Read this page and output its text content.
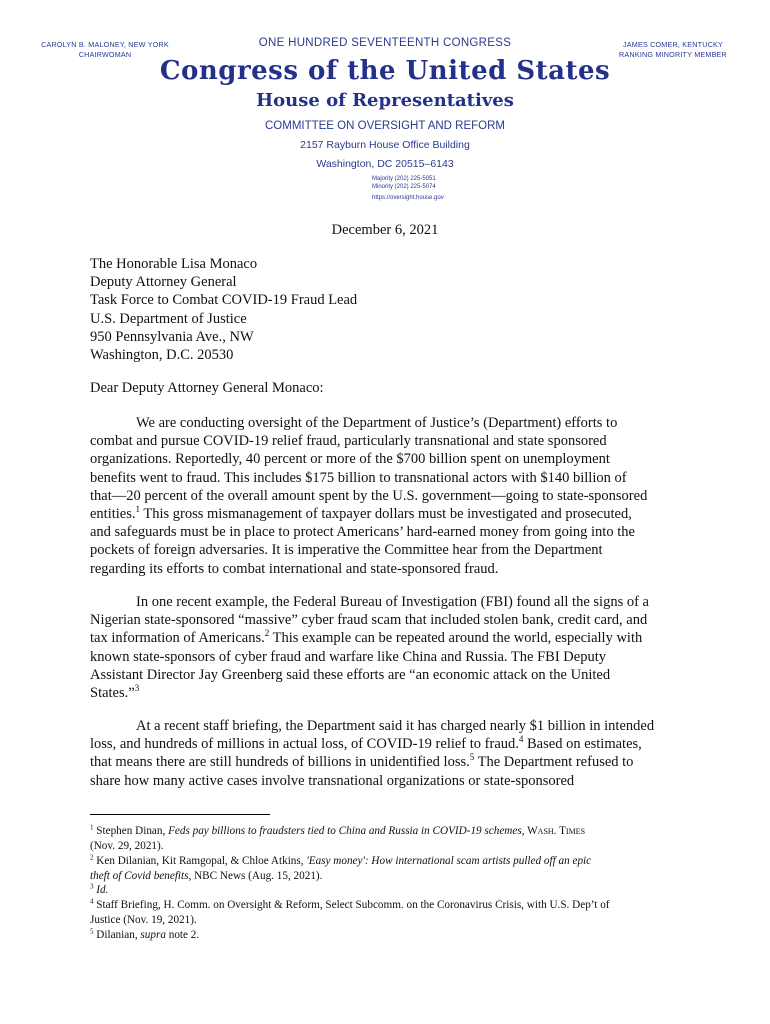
CAROLYN B. MALONEY, NEW YORK
CHAIRWOMAN
JAMES COMER, KENTUCKY
RANKING MINORITY MEMBER
ONE HUNDRED SEVENTEENTH CONGRESS
Congress of the United States
House of Representatives
COMMITTEE ON OVERSIGHT AND REFORM
2157 Rayburn House Office Building
Washington, DC 20515–6143
Majority (202) 225-5051
Minority (202) 225-5074
https://oversight.house.gov
December 6, 2021
The Honorable Lisa Monaco
Deputy Attorney General
Task Force to Combat COVID-19 Fraud Lead
U.S. Department of Justice
950 Pennsylvania Ave., NW
Washington, D.C. 20530
Dear Deputy Attorney General Monaco:
We are conducting oversight of the Department of Justice’s (Department) efforts to
combat and pursue COVID-19 relief fraud, particularly transnational and state sponsored
organizations. Reportedly, 40 percent or more of the $700 billion spent on unemployment
benefits went to fraud. This includes $175 billion to transnational actors with $140 billion of
that—20 percent of the overall amount spent by the U.S. government—going to state-sponsored
entities.$^1$ This gross mismanagement of taxpayer dollars must be investigated and prosecuted,
and safeguards must be in place to protect Americans’ hard-earned money from going into the
pockets of foreign adversaries. It is imperative the Committee hear from the Department
regarding its efforts to combat international and state-sponsored fraud.
In one recent example, the Federal Bureau of Investigation (FBI) found all the signs of a
Nigerian state-sponsored “massive” cyber fraud scam that included stolen bank, credit card, and
tax information of Americans.$^2$ This example can be repeated around the world, especially with
known state-sponsors of cyber fraud and warfare like China and Russia. The FBI Deputy
Assistant Director Jay Greenberg said these efforts are “an economic attack on the United
States.”$^3$
At a recent staff briefing, the Department said it has charged nearly $1 billion in intended
loss, and hundreds of millions in actual loss, of COVID-19 relief to fraud.$^4$ Based on estimates,
that means there are still hundreds of billions in unidentified loss.$^5$ The Department refused to
share how many active cases involve transnational organizations or state-sponsored
$^1$ Stephen Dinan, Feds pay billions to fraudsters tied to China and Russia in COVID-19 schemes, Wash. Times
(Nov. 29, 2021).
$^2$ Ken Dilanian, Kit Ramgopal, & Chloe Atkins, 'Easy money': How international scam artists pulled off an epic
theft of Covid benefits, NBC News (Aug. 15, 2021).
$^3$ Id.
$^4$ Staff Briefing, H. Comm. on Oversight & Reform, Select Subcomm. on the Coronavirus Crisis, with U.S. Dep’t of
Justice (Nov. 19, 2021).
$^5$ Dilanian, supra note 2.
